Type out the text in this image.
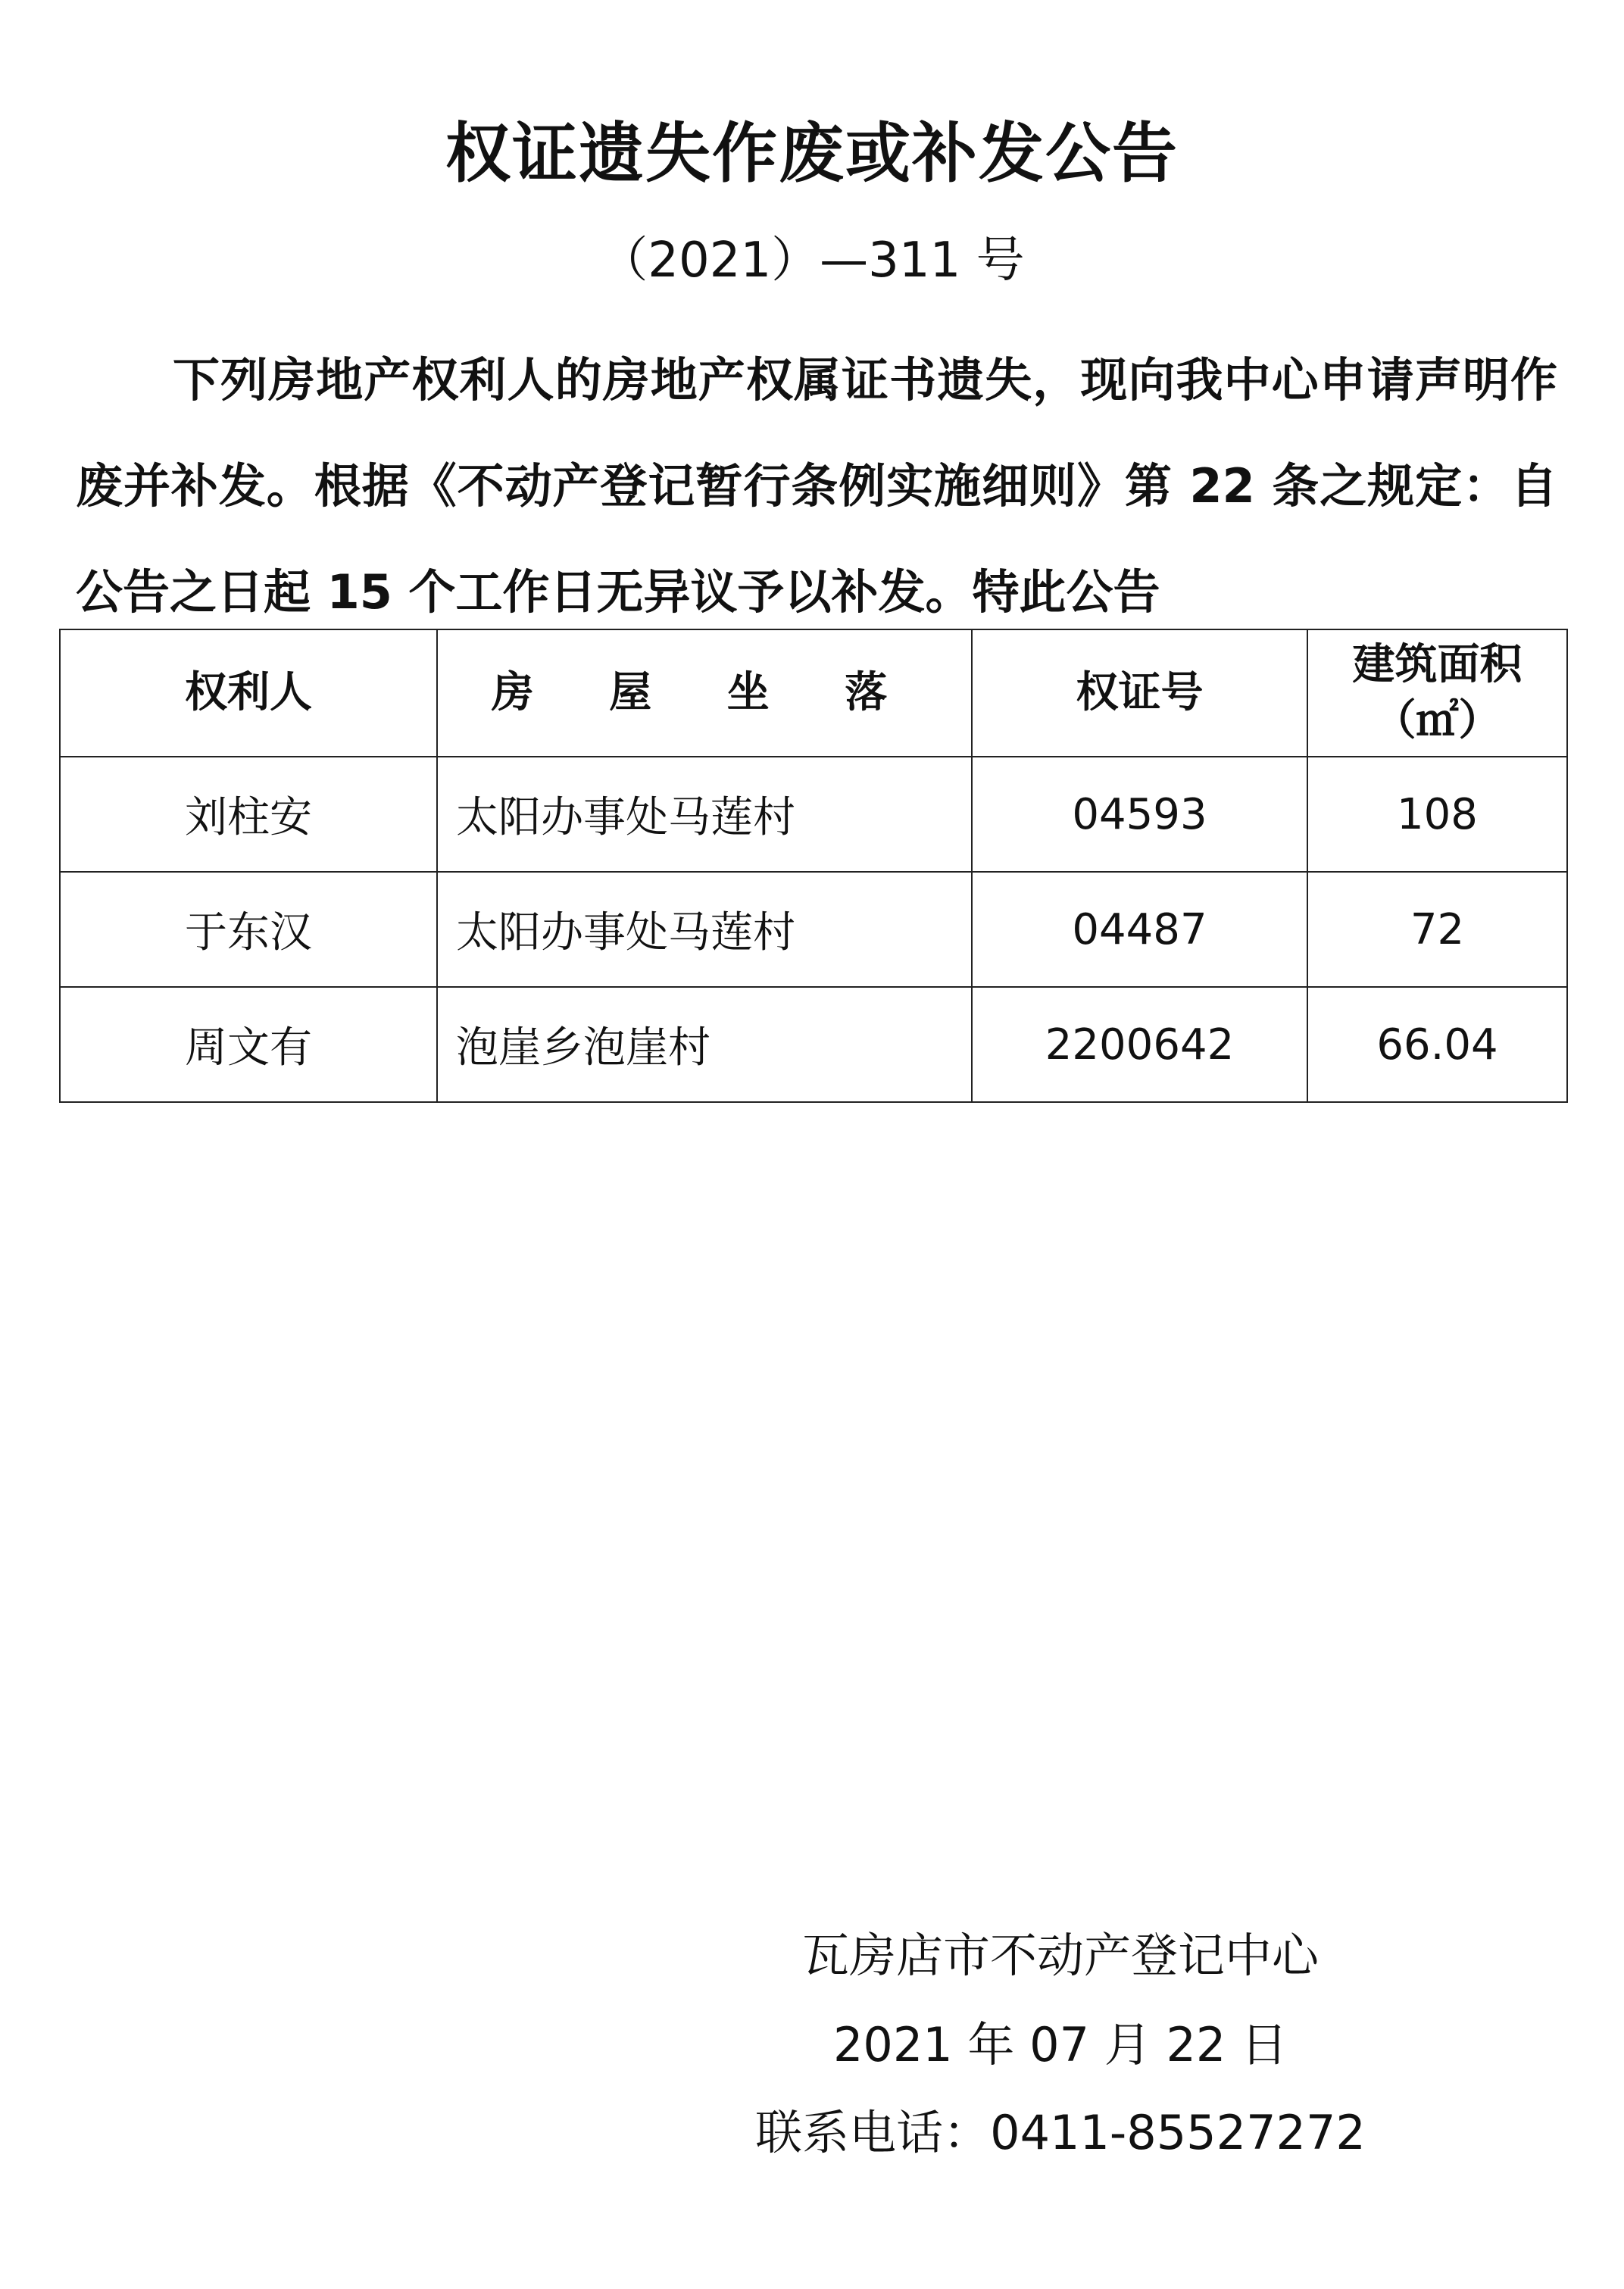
权证遗失作废或补发公告
（2021）—311 号

下列房地产权利人的房地产权属证书遗失，现向我中心申请声明作废并补发。根据《不动产登记暂行条例实施细则》第 22 条之规定：自公告之日起 15 个工作日无异议予以补发。特此公告

权利人	房 屋 坐 落	权证号	建筑面积
（㎡）

刘柱安	太阳办事处马莲村	04593	108
于东汉	太阳办事处马莲村	04487	72
周文有	泡崖乡泡崖村	2200642	66.04
瓦房店市不动产登记中心
2021 年 07 月 22 日
联系电话：0411-85527272
